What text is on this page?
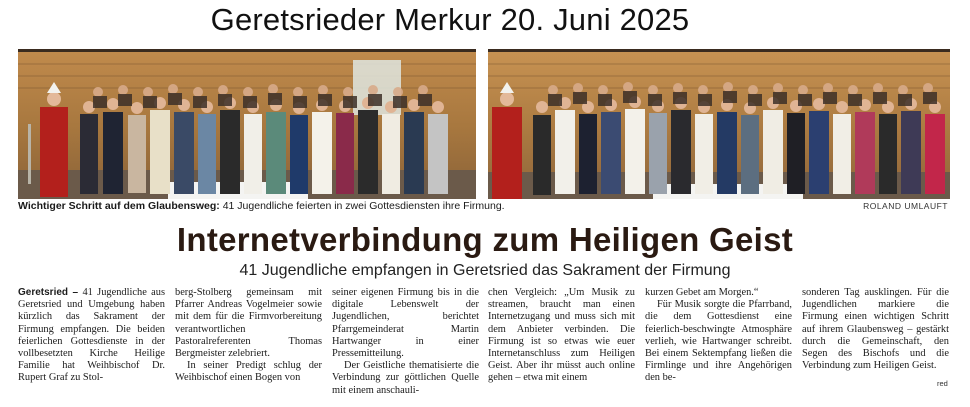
Geretsrieder Merkur 20. Juni 2025
Wichtiger Schritt auf dem Glaubensweg: 41 Jugendliche feierten in zwei Gottesdiensten ihre Firmung.	ROLAND UMLAUFT
Internetverbindung zum Heiligen Geist
41 Jugendliche empfangen in Geretsried das Sakrament der Firmung

Geretsried – 41 Jugendliche aus Geretsried und Umgebung haben kürzlich das Sakrament der Firmung empfangen. Die beiden feierlichen Gottesdienste in der vollbesetzten Kirche Heilige Familie hat Weihbischof Dr. Rupert Graf zu Stol-

berg-Stolberg gemeinsam mit Pfarrer Andreas Vogelmeier sowie mit dem für die Firmvorbereitung verantwortlichen Pastoralreferenten Thomas Bergmeister zelebriert.

In seiner Predigt schlug der Weihbischof einen Bogen von

seiner eigenen Firmung bis in die digitale Lebenswelt der Jugendlichen, berichtet Pfarrgemeinderat Martin Hartwanger in einer Pressemitteilung.

Der Geistliche thematisierte die Verbindung zur göttlichen Quelle mit einem anschauli-

chen Vergleich: „Um Musik zu streamen, braucht man einen Internetzugang und muss sich mit dem Anbieter verbinden. Die Firmung ist so etwas wie euer Internetanschluss zum Heiligen Geist. Aber ihr müsst auch online gehen – etwa mit einem

kurzen Gebet am Morgen.“

Für Musik sorgte die Pfarrband, die dem Gottesdienst eine feierlich-beschwingte Atmosphäre verlieh, wie Hartwanger schreibt. Bei einem Sektempfang ließen die Firmlinge und ihre Angehörigen den be-

sonderen Tag ausklingen. Für die Jugendlichen markiere die Firmung einen wichtigen Schritt auf ihrem Glaubensweg – gestärkt durch die Gemeinschaft, den Segen des Bischofs und die Verbindung zum Heiligen Geist.

red
